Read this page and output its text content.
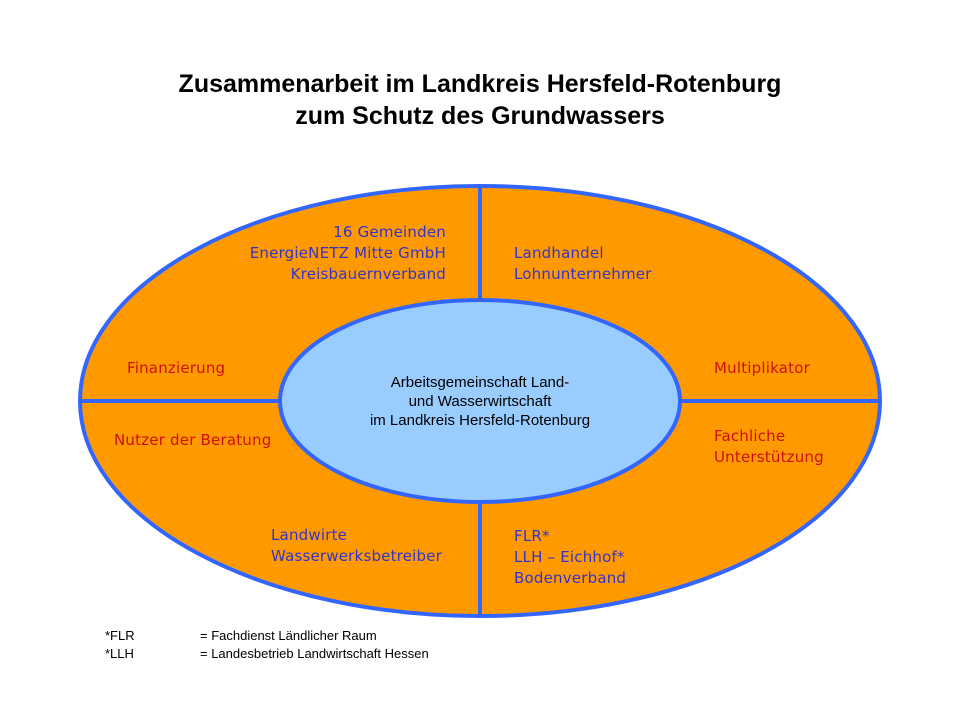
Zusammenarbeit im Landkreis Hersfeld-Rotenburg
zum Schutz des Grundwassers
16 Gemeinden
EnergieNETZ Mitte GmbH
Kreisbauernverband
Landhandel
Lohnunternehmer
Landwirte
Wasserwerksbetreiber
FLR*
LLH – Eichhof*
Bodenverband
Finanzierung
Nutzer der Beratung
Multiplikator
Fachliche
Unterstützung
Arbeitsgemeinschaft Land-
und Wasserwirtschaft
im Landkreis Hersfeld-Rotenburg
*FLR	= Fachdienst Ländlicher Raum
*LLH	= Landesbetrieb Landwirtschaft Hessen
